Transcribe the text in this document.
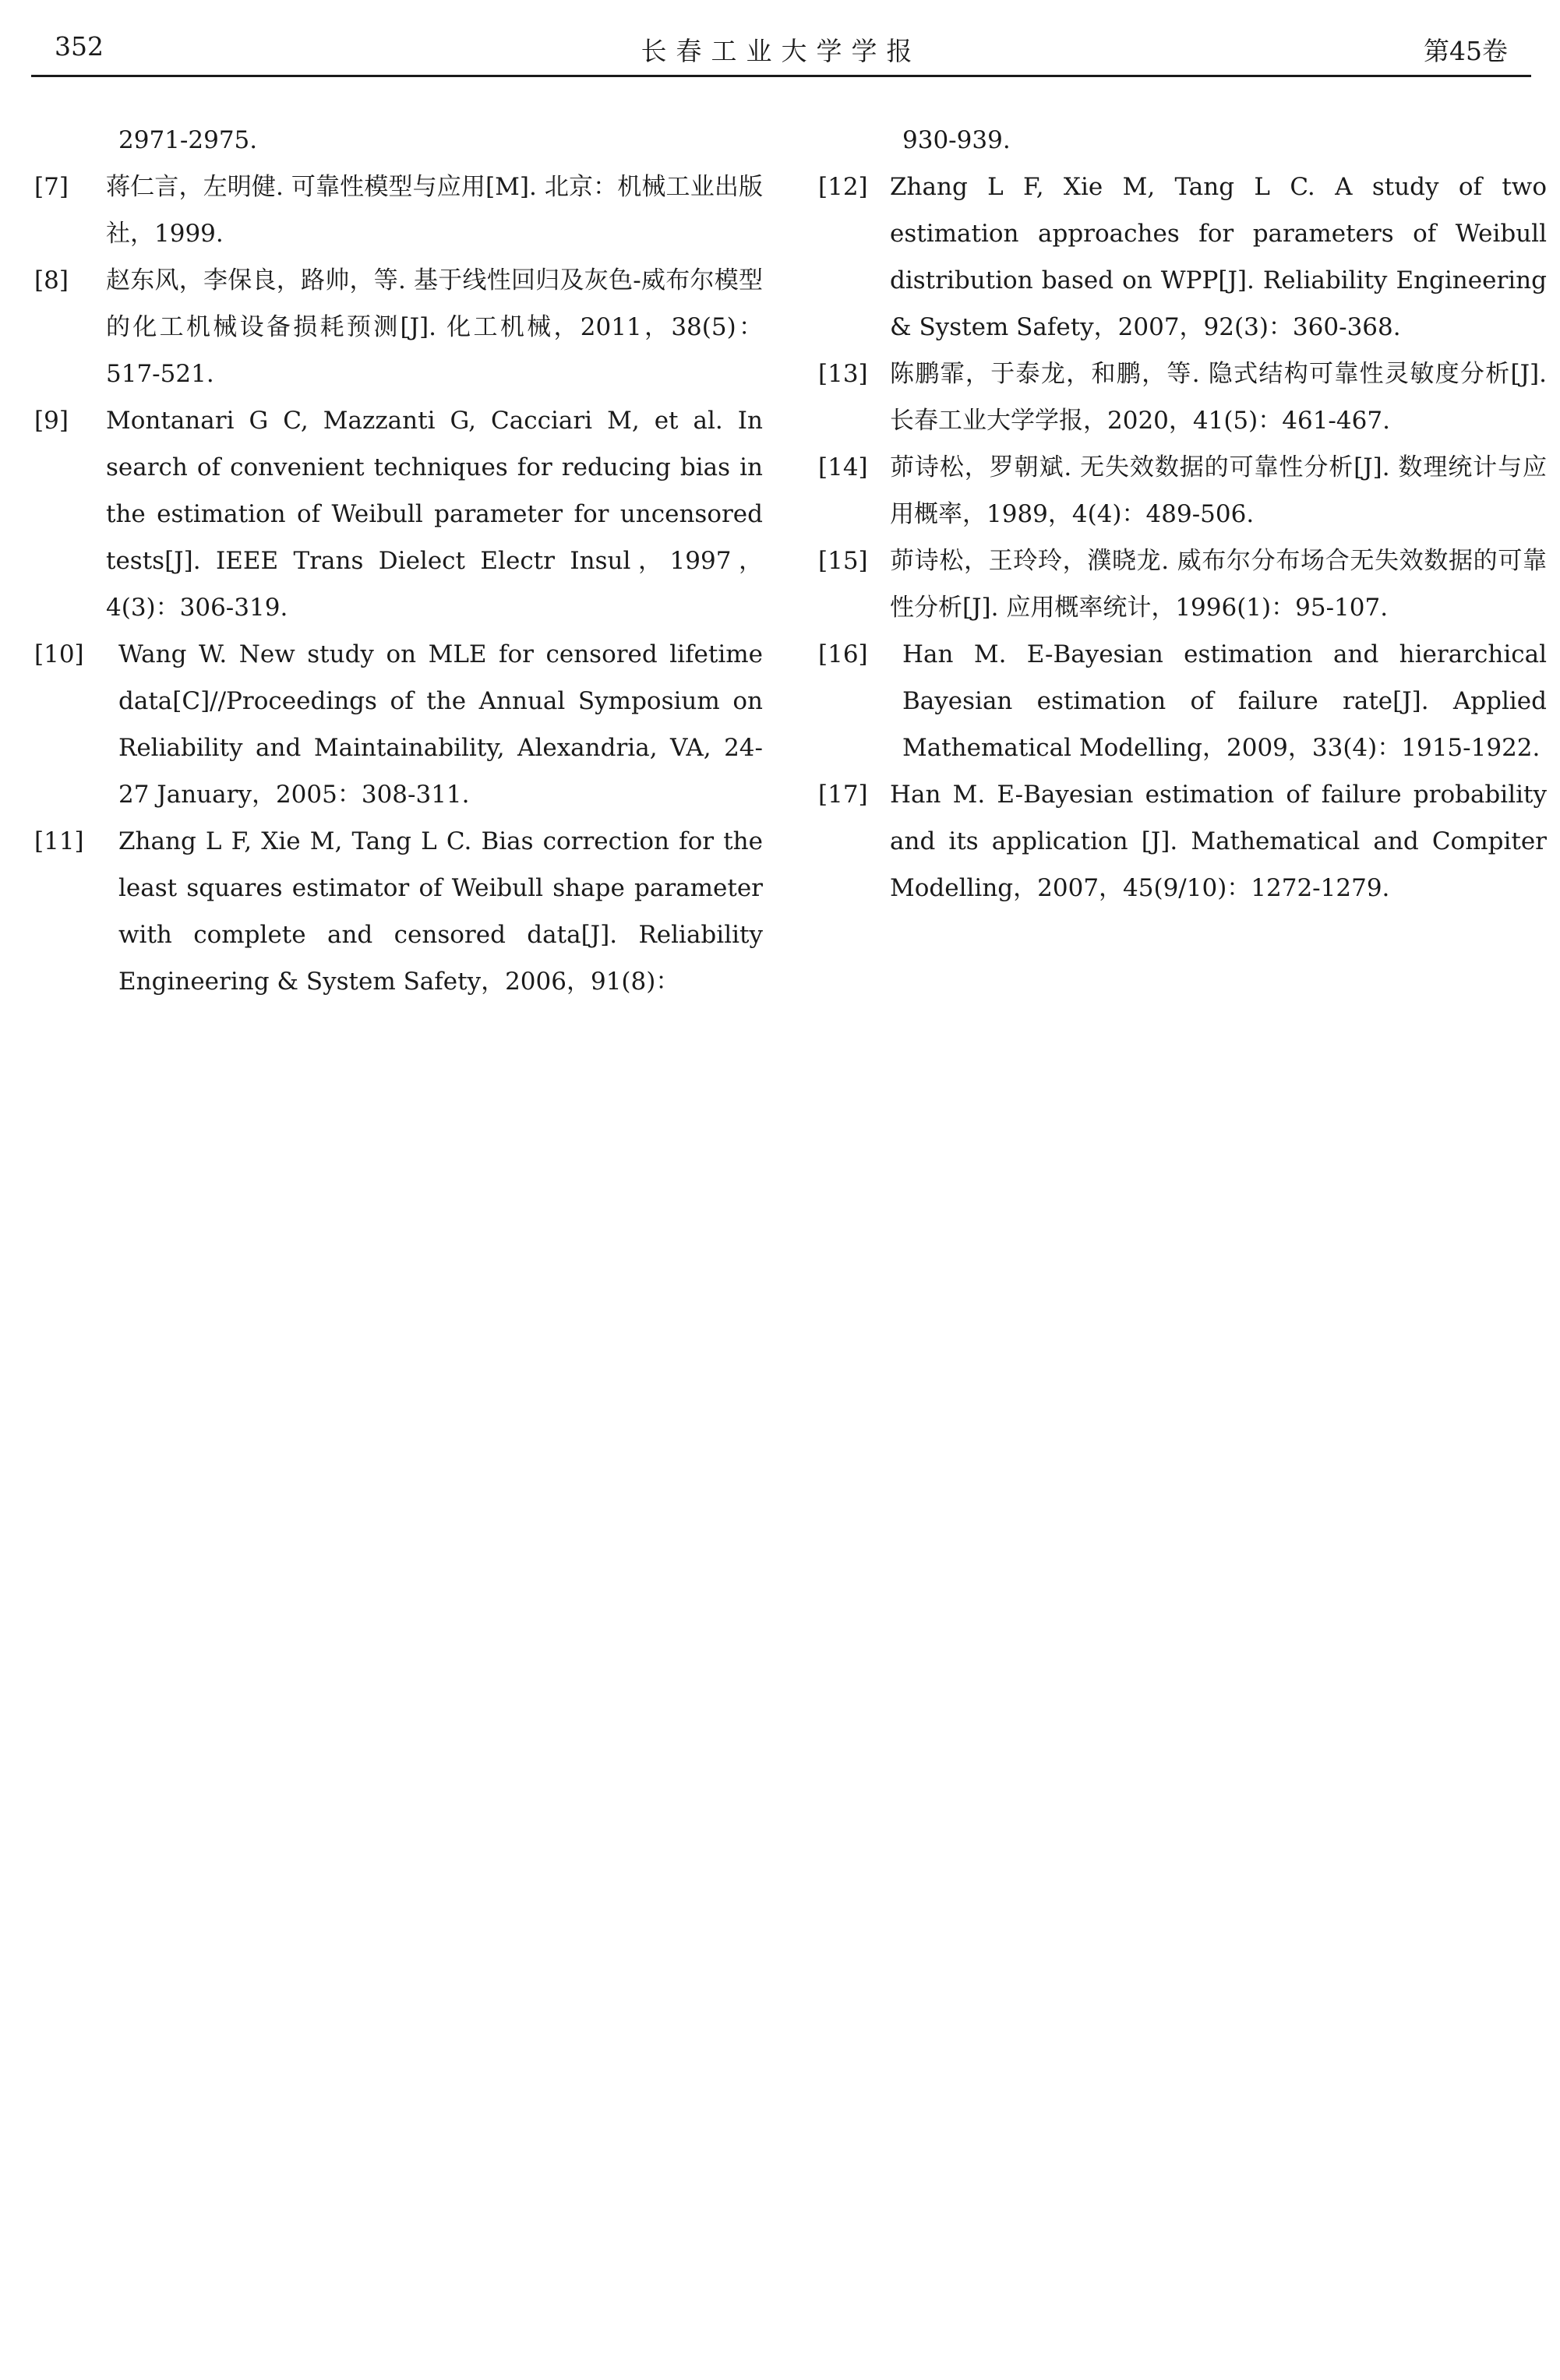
352	长春工业大学学报	第45卷
2971-2975.
[7] 蒋仁言，左明健. 可靠性模型与应用[M]. 北京：机械工业出版社，1999.
[8] 赵东风，李保良，路帅，等. 基于线性回归及灰色-威布尔模型的化工机械设备损耗预测[J]. 化工机械，2011，38(5)：517-521.
[9] Montanari G C, Mazzanti G, Cacciari M, et al. In search of convenient techniques for reducing bias in the estimation of Weibull parameter for uncensored tests[J]. IEEE Trans Dielect Electr Insul，1997，4(3)：306-319.
[10] Wang W. New study on MLE for censored lifetime data[C]//Proceedings of the Annual Symposium on Reliability and Maintainability, Alexandria, VA, 24-27 January，2005：308-311.
[11] Zhang L F, Xie M, Tang L C. Bias correction for the least squares estimator of Weibull shape parameter with complete and censored data[J]. Reliability Engineering & System Safety，2006，91(8)：
930-939.
[12] Zhang L F, Xie M, Tang L C. A study of two estimation approaches for parameters of Weibull distribution based on WPP[J]. Reliability Engineering & System Safety，2007，92(3)：360-368.
[13] 陈鹏霏，于泰龙，和鹏，等. 隐式结构可靠性灵敏度分析[J]. 长春工业大学学报，2020，41(5)：461-467.
[14] 茆诗松，罗朝斌. 无失效数据的可靠性分析[J]. 数理统计与应用概率，1989，4(4)：489-506.
[15] 茆诗松，王玲玲，濮晓龙. 威布尔分布场合无失效数据的可靠性分析[J]. 应用概率统计，1996(1)：95-107.
[16] Han M. E-Bayesian estimation and hierarchical Bayesian estimation of failure rate[J]. Applied Mathematical Modelling，2009，33(4)：1915-1922.
[17] Han M. E-Bayesian estimation of failure probability and its application [J]. Mathematical and Compiter Modelling，2007，45(9/10)：1272-1279.
